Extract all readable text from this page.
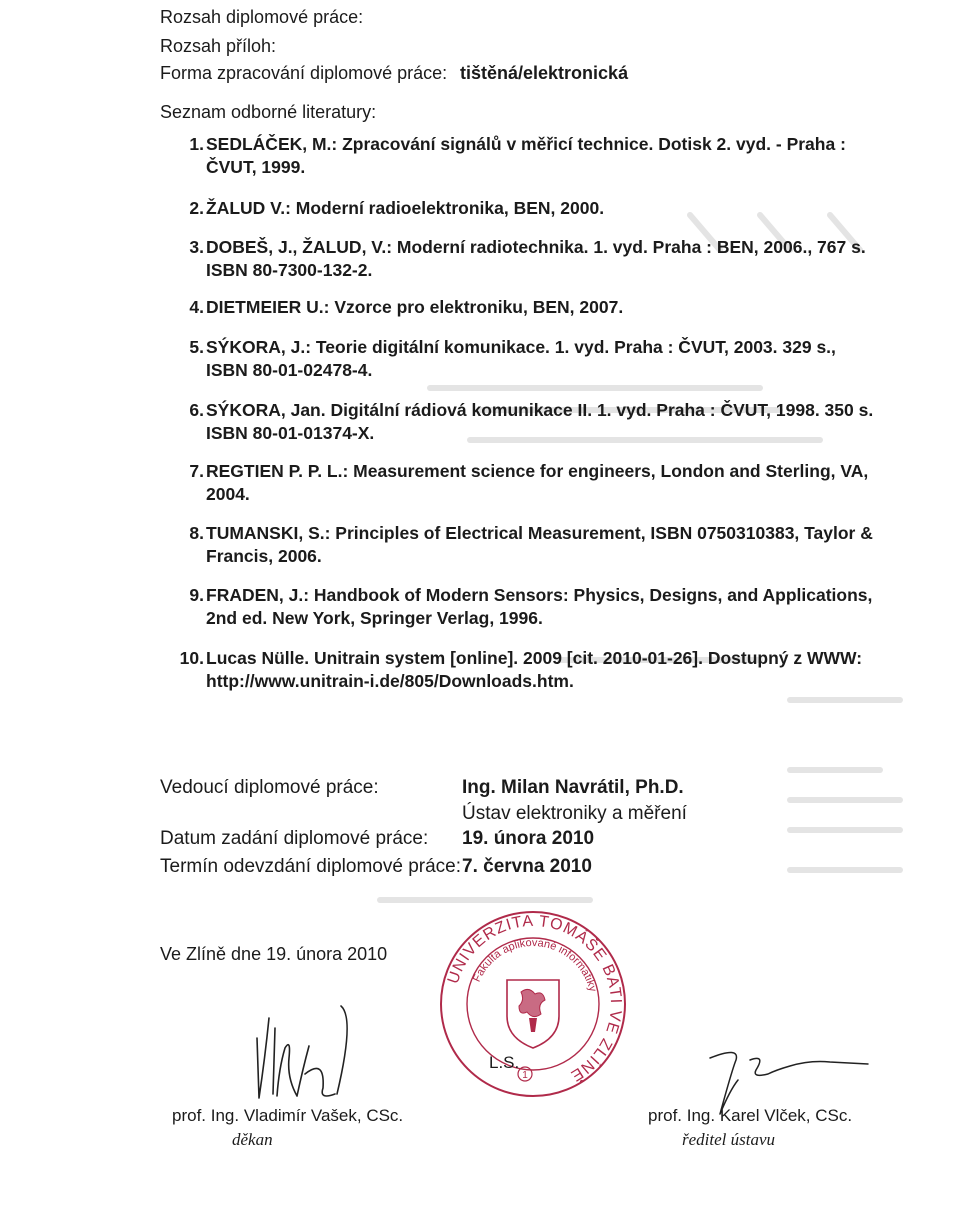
Rozsah diplomové práce:
Rozsah příloh:
Forma zpracování diplomové práce: tištěná/elektronická
Seznam odborné literatury:
1. SEDLÁČEK, M.: Zpracování signálů v měřicí technice. Dotisk 2. vyd. - Praha : ČVUT, 1999.
2. ŽALUD V.: Moderní radioelektronika, BEN, 2000.
3. DOBEŠ, J., ŽALUD, V.: Moderní radiotechnika. 1. vyd. Praha : BEN, 2006., 767 s. ISBN 80-7300-132-2.
4. DIETMEIER U.: Vzorce pro elektroniku, BEN, 2007.
5. SÝKORA, J.: Teorie digitální komunikace. 1. vyd. Praha : ČVUT, 2003. 329 s., ISBN 80-01-02478-4.
6. SÝKORA, Jan. Digitální rádiová komunikace II. 1. vyd. Praha : ČVUT, 1998. 350 s. ISBN 80-01-01374-X.
7. REGTIEN P. P. L.: Measurement science for engineers, London and Sterling, VA, 2004.
8. TUMANSKI, S.: Principles of Electrical Measurement, ISBN 0750310383, Taylor & Francis, 2006.
9. FRADEN, J.: Handbook of Modern Sensors: Physics, Designs, and Applications, 2nd ed. New York, Springer Verlag, 1996.
10. Lucas Nülle. Unitrain system [online]. 2009 [cit. 2010-01-26]. Dostupný z WWW: http://www.unitrain-i.de/805/Downloads.htm.
Vedoucí diplomové práce:	Ing. Milan Navrátil, Ph.D.
Ústav elektroniky a měření
Datum zadání diplomové práce: 19. února 2010
Termín odevzdání diplomové práce: 7. června 2010
Ve Zlíně dne 19. února 2010
UNIVERZITA TOMÁŠE BATI VE ZLÍNĚ
Fakulta aplikované informatiky
1
L.S.
prof. Ing. Vladimír Vašek, CSc.
děkan
prof. Ing. Karel Vlček, CSc.
ředitel ústavu
